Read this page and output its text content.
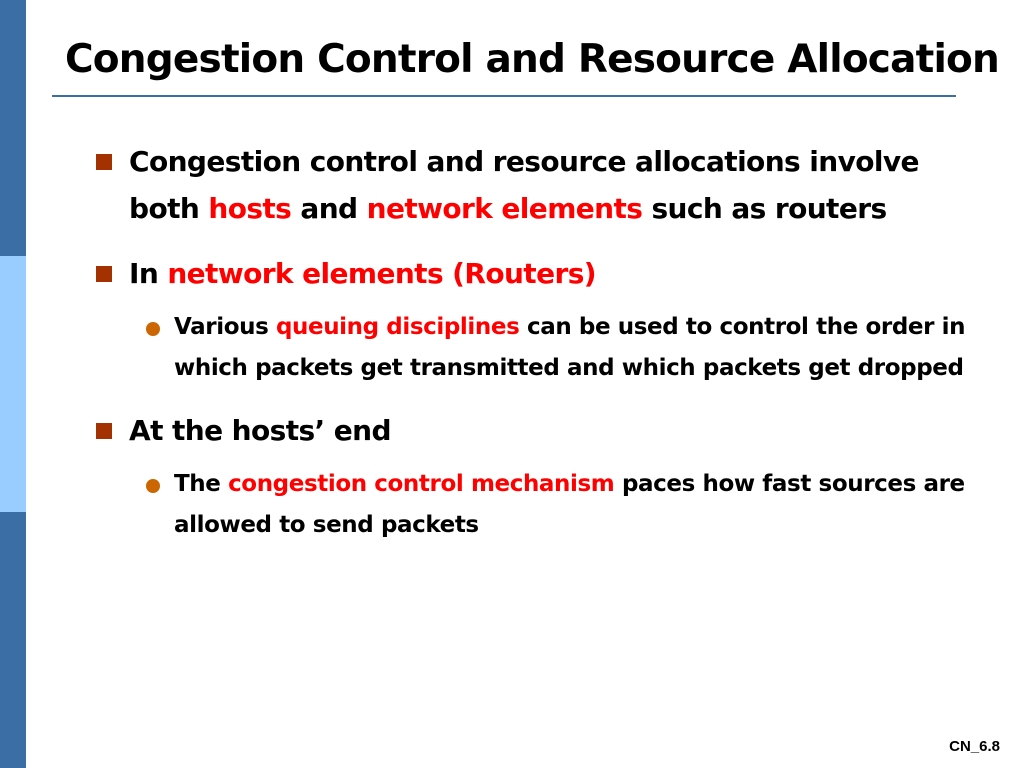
Congestion Control and Resource Allocation
Congestion control and resource allocations involve both hosts and network elements such as routers
In network elements (Routers)
Various queuing disciplines can be used to control the order in which packets get transmitted and which packets get dropped
At the hosts’ end
The congestion control mechanism paces how fast sources are allowed to send packets
CN_6.8
